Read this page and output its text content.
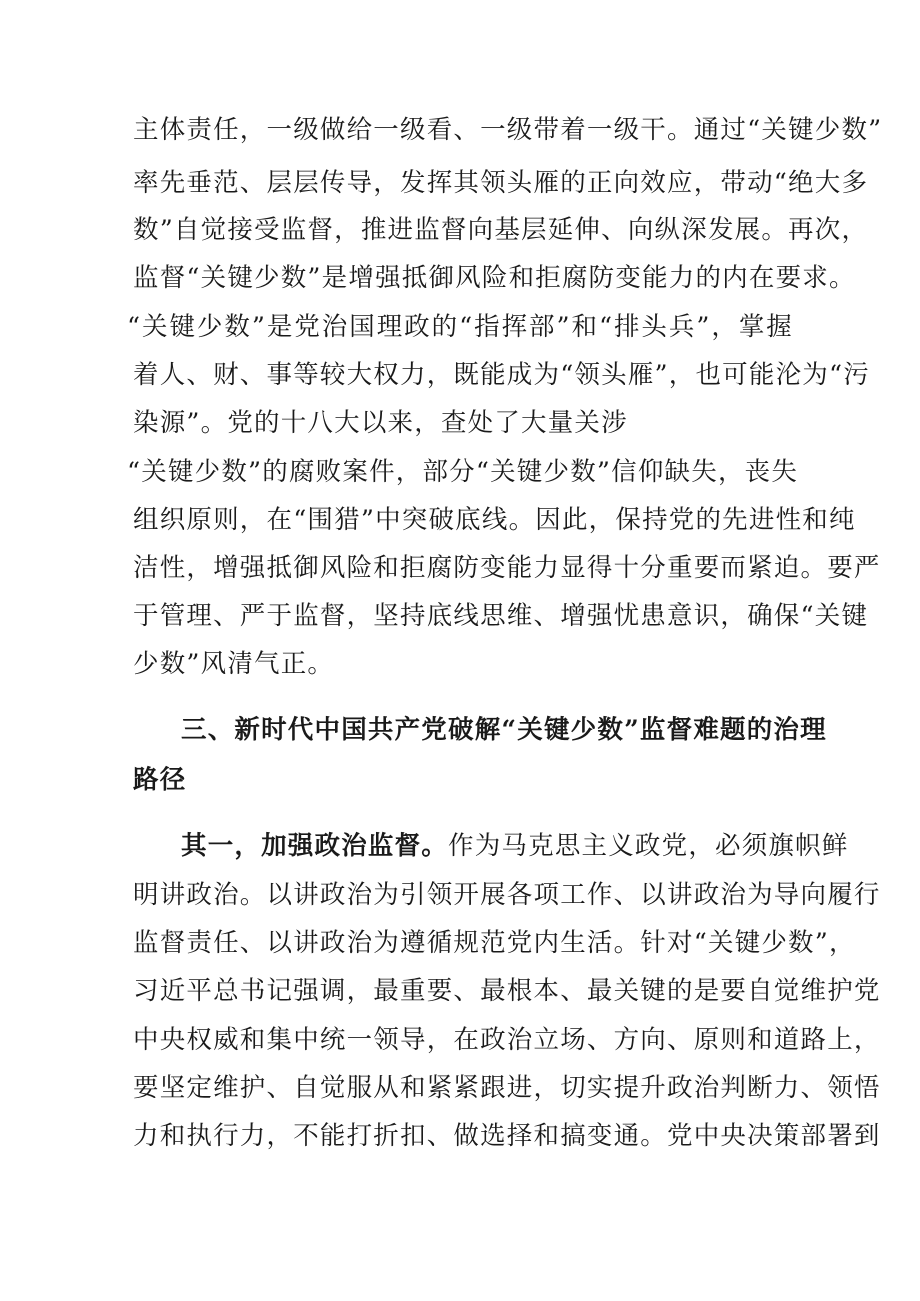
主体责任，一级做给一级看、一级带着一级干。通过“关键少数”
率先垂范、层层传导，发挥其领头雁的正向效应，带动“绝大多
数”自觉接受监督，推进监督向基层延伸、向纵深发展。再次，
监督“关键少数”是增强抵御风险和拒腐防变能力的内在要求。
“关键少数”是党治国理政的“指挥部”和“排头兵”，掌握
着人、财、事等较大权力，既能成为“领头雁”，也可能沦为“污
染源”。党的十八大以来，查处了大量关涉
“关键少数”的腐败案件，部分“关键少数”信仰缺失，丧失
组织原则，在“围猎”中突破底线。因此，保持党的先进性和纯
洁性，增强抵御风险和拒腐防变能力显得十分重要而紧迫。要严
于管理、严于监督，坚持底线思维、增强忧患意识，确保“关键
少数”风清气正。
三、新时代中国共产党破解“关键少数”监督难题的治理
路径
其一，加强政治监督。作为马克思主义政党，必须旗帜鲜
明讲政治。以讲政治为引领开展各项工作、以讲政治为导向履行
监督责任、以讲政治为遵循规范党内生活。针对“关键少数”，
习近平总书记强调，最重要、最根本、最关键的是要自觉维护党
中央权威和集中统一领导，在政治立场、方向、原则和道路上，
要坚定维护、自觉服从和紧紧跟进，切实提升政治判断力、领悟
力和执行力，不能打折扣、做选择和搞变通。党中央决策部署到
